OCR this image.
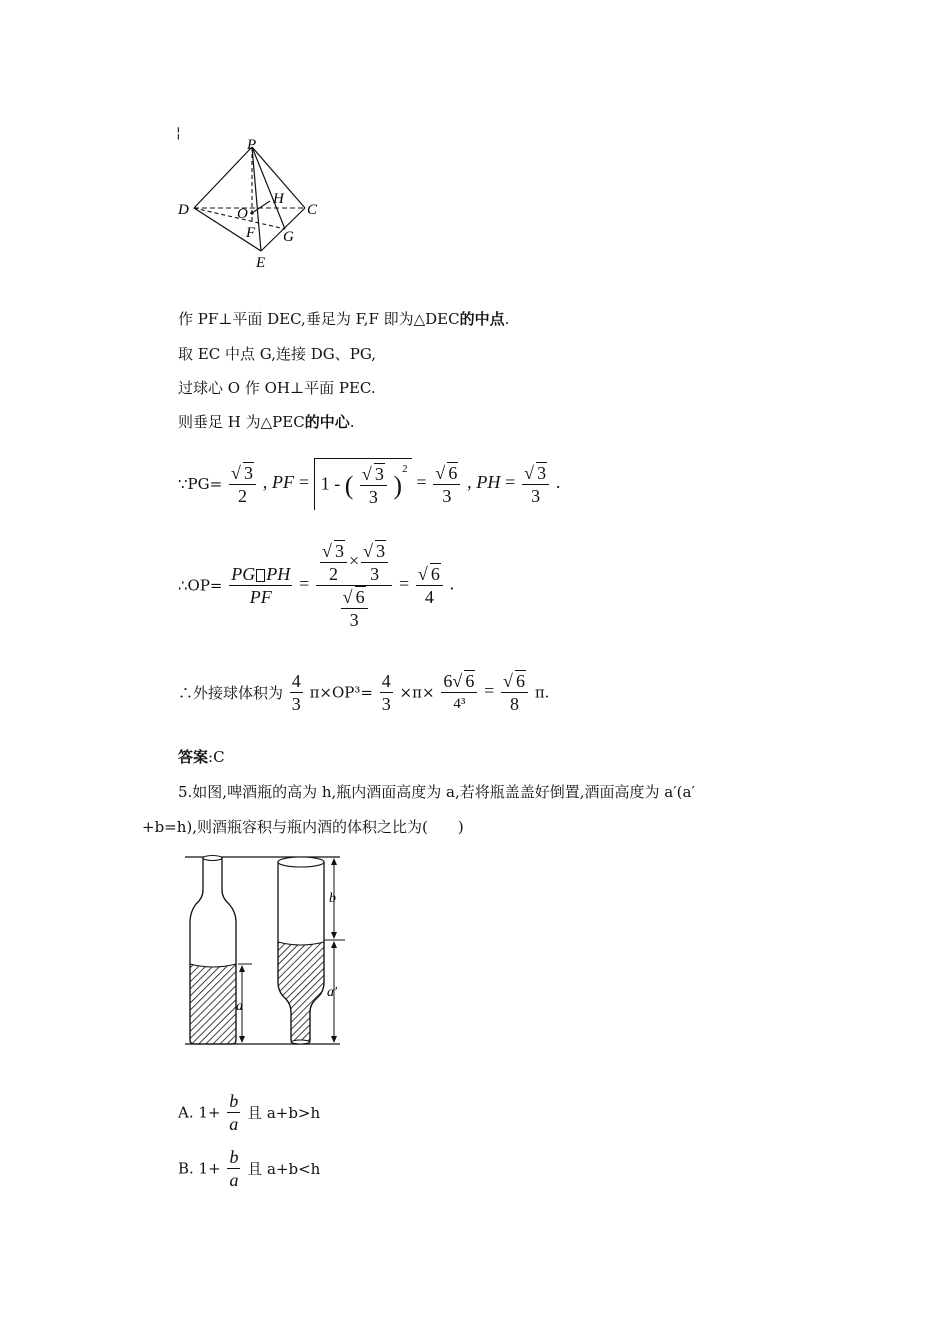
¦
P
D	C
E
O
H
F G
作 PF⊥平面 DEC,垂足为 F,F 即为△DEC的中点.
取 EC 中点 G,连接 DG、PG,
过球心 O 作 OH⊥平面 PEC.
则垂足 H 为△PEC的中心.
∵PG= $\frac{√ 3}{2}$ , PF = 1 - ( $\frac{√ 3}{3} )^2 = \frac{√ 6}{3}$ , PH = $\frac{√ 3}{3}$ .
∴OP= $\frac{\text{PG PH}}{PF} = \frac{\frac{√ 3}{2} \times \frac{√ 3}{3}}{\frac{√ 6}{3}} = \frac{√ 6}{4}$ .
∴外接球体积为 $\frac{4}{3} \pi\times OP^3= \frac{4}{3} \times\pi\times \frac{6 √ 6}{\text{4³}} = \frac{√ 6}{8} \pi$.
答案:C
5.如图,啤酒瓶的高为 h,瓶内酒面高度为 a,若将瓶盖盖好倒置,酒面高度为 a′(a′
+b=h),则酒瓶容积与瓶内酒的体积之比为(　　)
a
b
a′
A. $1+ \frac{b}{a}$ 且 a+b>h
B. $1+ \frac{b}{a}$ 且 a+b<h
